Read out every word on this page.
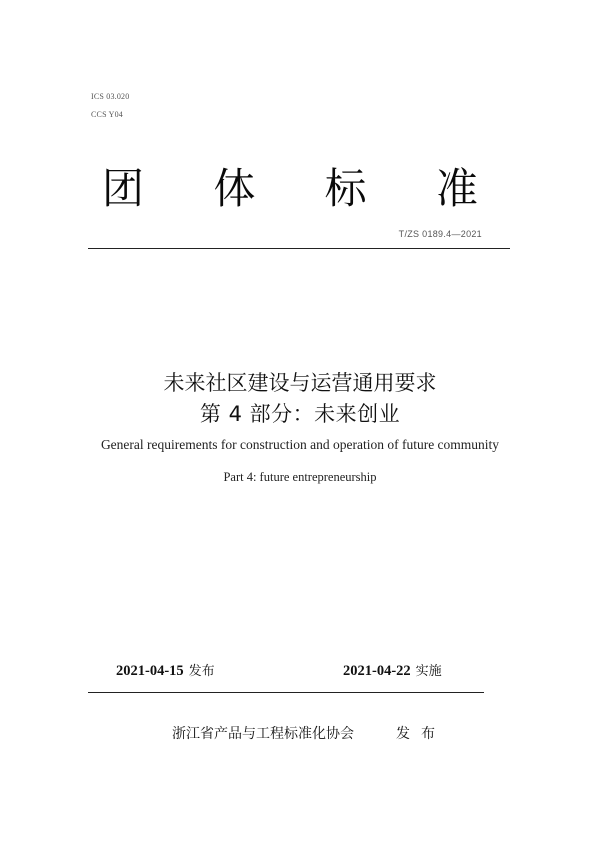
ICS 03.020
CCS Y04
团 体 标 准
T/ZS 0189.4—2021
未来社区建设与运营通用要求
第 4 部分：未来创业
General requirements for construction and operation of future community
Part 4: future entrepreneurship
2021-04-15 发布	2021-04-22 实施
浙江省产品与工程标准化协会	发布
